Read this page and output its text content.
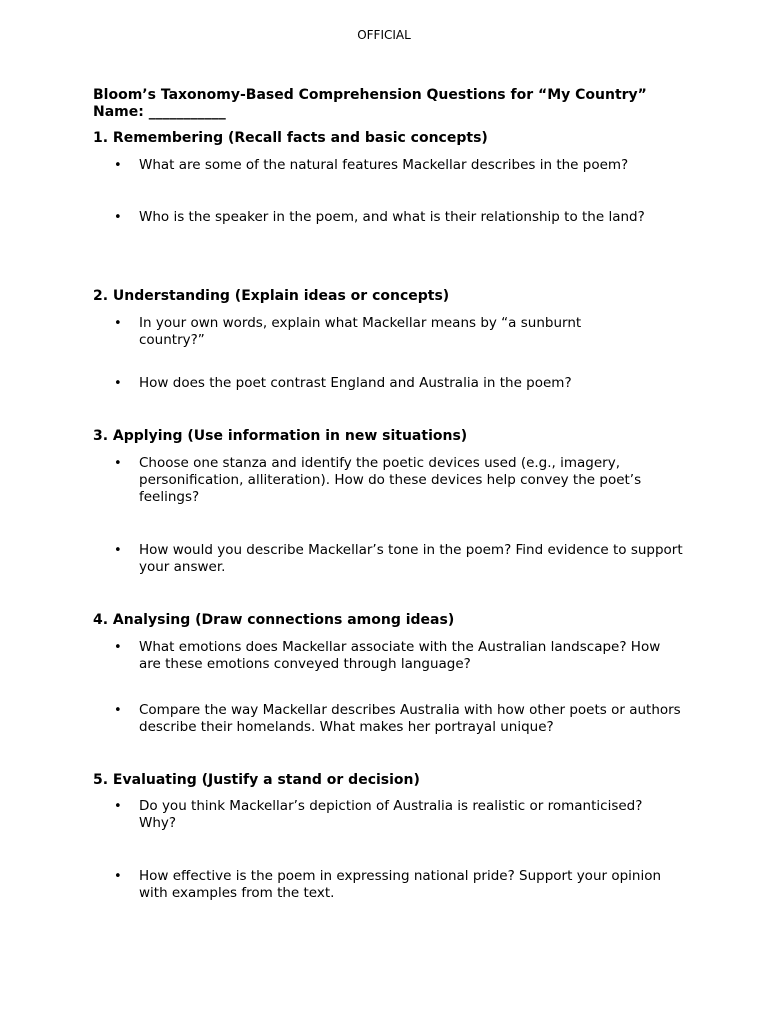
OFFICIAL

Bloom’s Taxonomy-Based Comprehension Questions for “My Country”

Name: ___________

1. Remembering (Recall facts and basic concepts)

• What are some of the natural features Mackellar describes in the poem?
• Who is the speaker in the poem, and what is their relationship to the land?

2. Understanding (Explain ideas or concepts)

• In your own words, explain what Mackellar means by “a sunburnt country?”
• How does the poet contrast England and Australia in the poem?

3. Applying (Use information in new situations)

• Choose one stanza and identify the poetic devices used (e.g., imagery, personification, alliteration). How do these devices help convey the poet’s feelings?
• How would you describe Mackellar’s tone in the poem? Find evidence to support your answer.

4. Analysing (Draw connections among ideas)

• What emotions does Mackellar associate with the Australian landscape? How are these emotions conveyed through language?
• Compare the way Mackellar describes Australia with how other poets or authors describe their homelands. What makes her portrayal unique?

5. Evaluating (Justify a stand or decision)

• Do you think Mackellar’s depiction of Australia is realistic or romanticised? Why?
• How effective is the poem in expressing national pride? Support your opinion with examples from the text.
